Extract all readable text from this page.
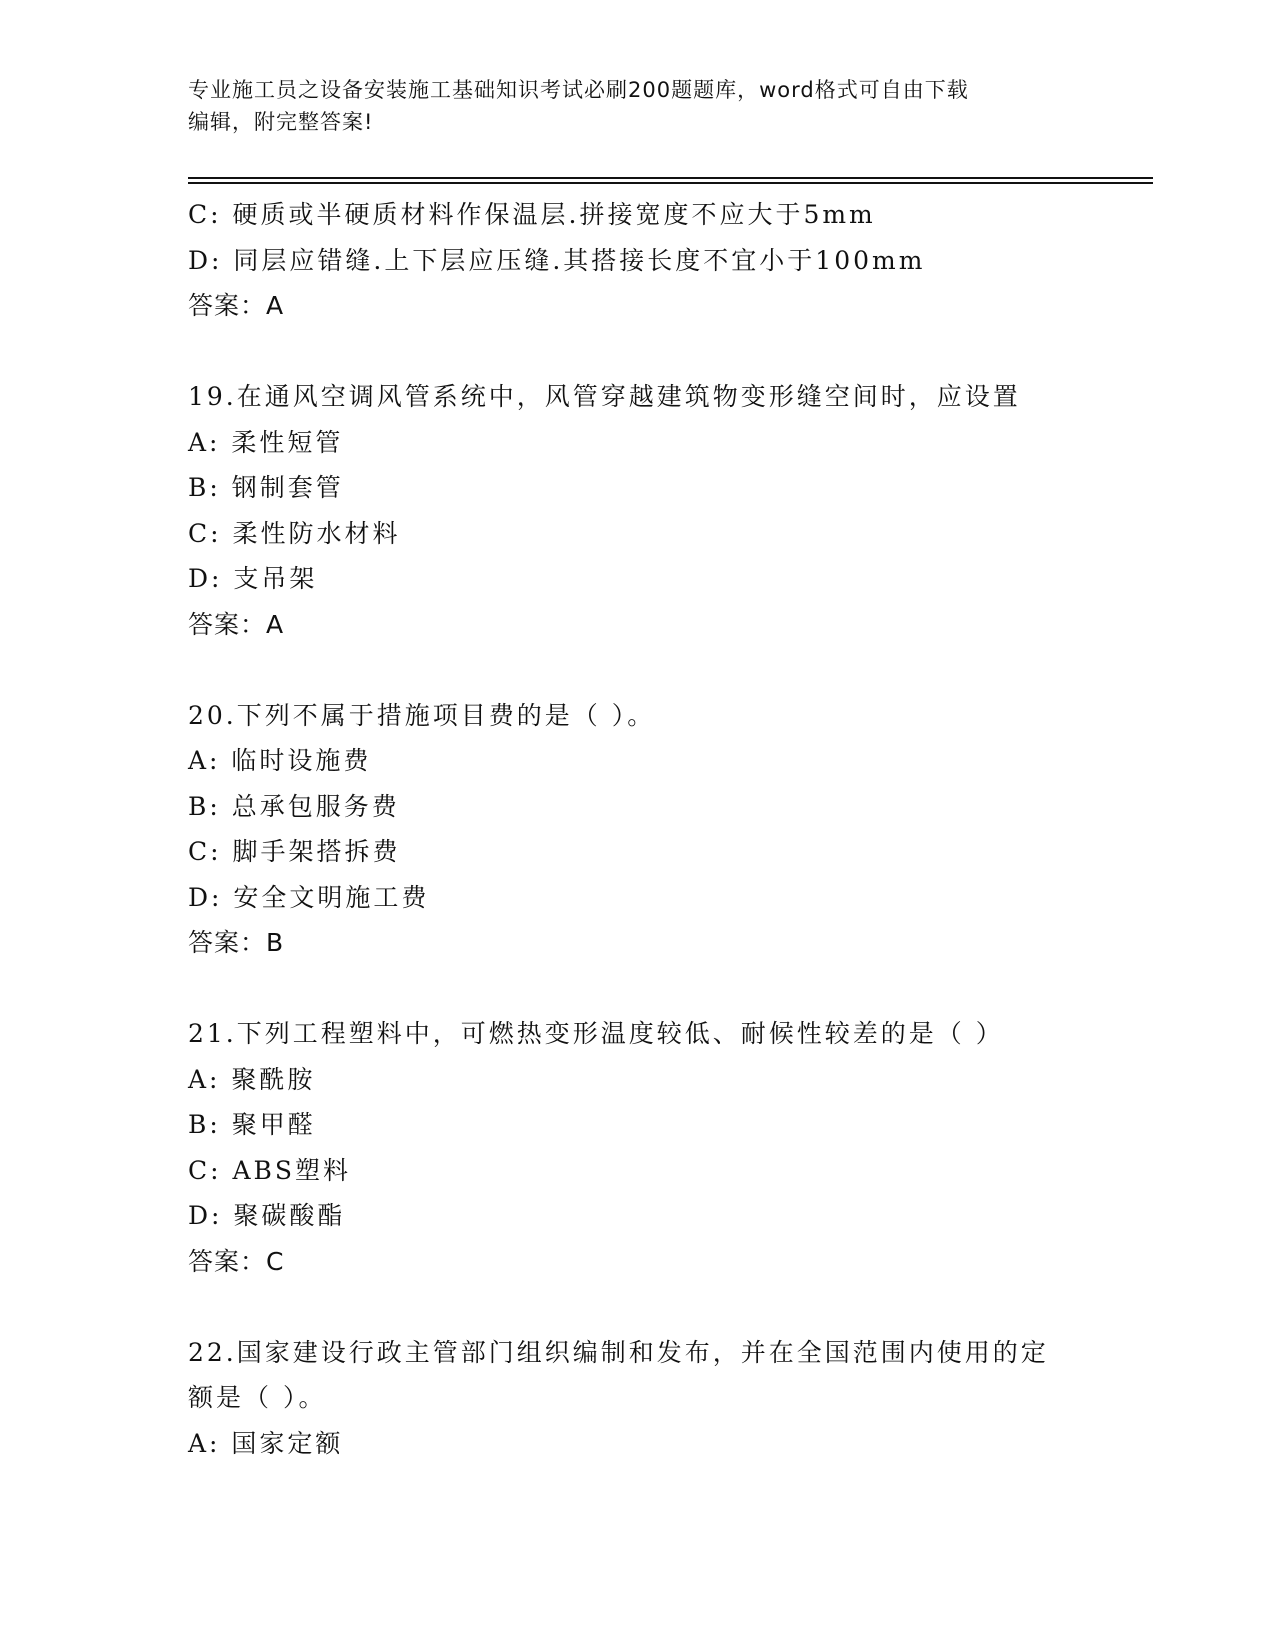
专业施工员之设备安装施工基础知识考试必刷200题题库，word格式可自由下载
编辑，附完整答案!
C: 硬质或半硬质材料作保温层.拼接宽度不应大于5mm
D: 同层应错缝.上下层应压缝.其搭接长度不宜小于100mm
答案：A
19.在通风空调风管系统中，风管穿越建筑物变形缝空间时，应设置
A: 柔性短管
B: 钢制套管
C: 柔性防水材料
D: 支吊架
答案：A
20.下列不属于措施项目费的是（ ）。
A: 临时设施费
B: 总承包服务费
C: 脚手架搭拆费
D: 安全文明施工费
答案：B
21.下列工程塑料中，可燃热变形温度较低、耐候性较差的是（ ）
A: 聚酰胺
B: 聚甲醛
C: ABS塑料
D: 聚碳酸酯
答案：C
22.国家建设行政主管部门组织编制和发布，并在全国范围内使用的定
额是（ ）。
A: 国家定额
